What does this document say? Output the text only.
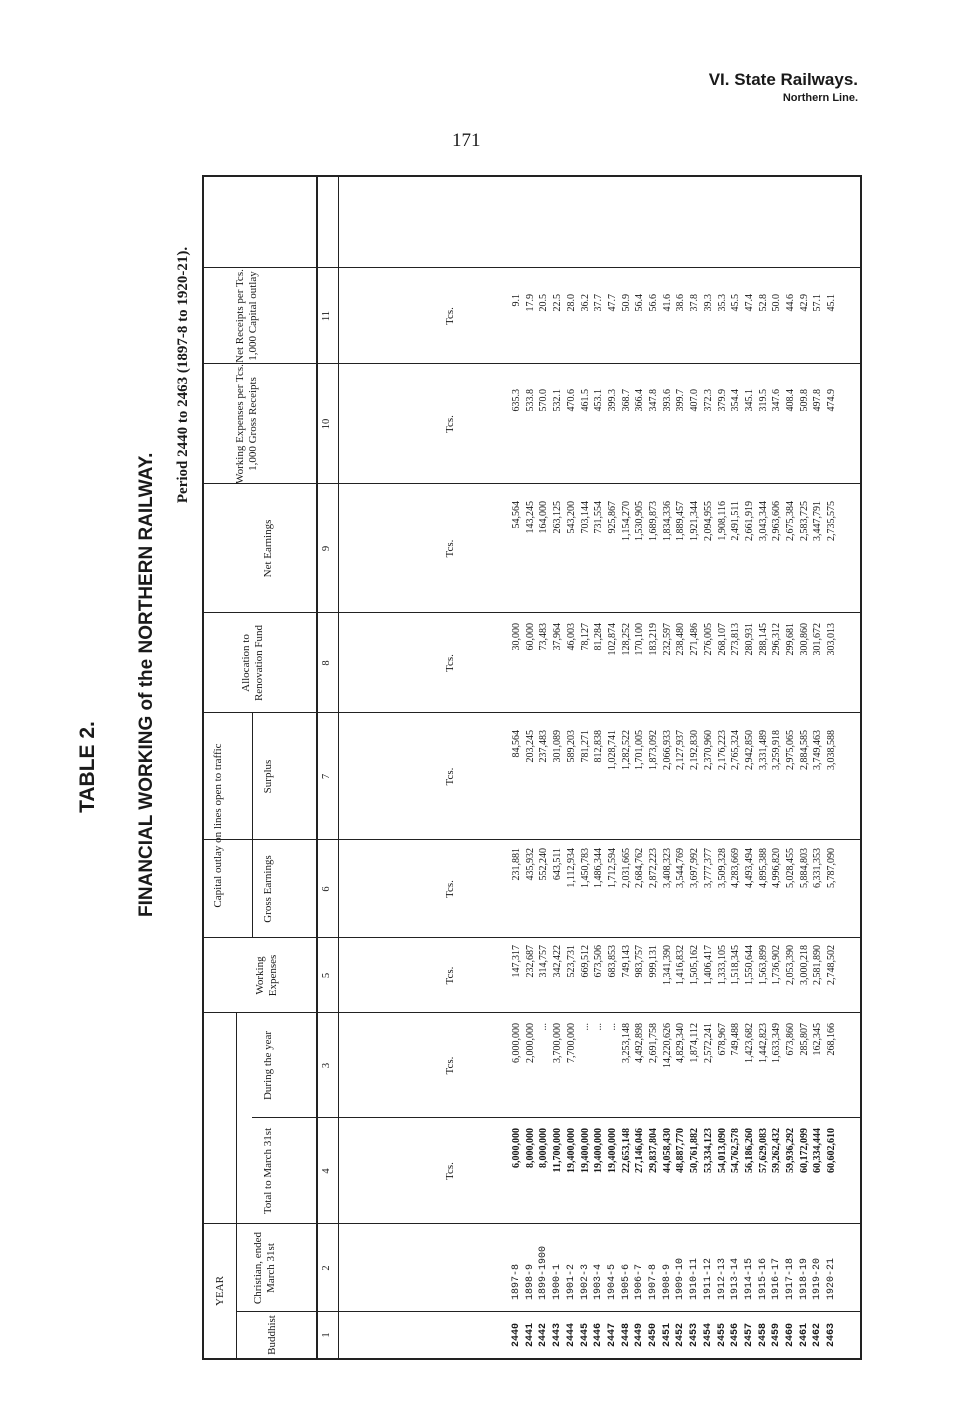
VI. State Railways.
Northern Line.
171
TABLE 2. FINANCIAL WORKING of the NORTHERN RAILWAY.
Period 2440 to 2463 (1897-8 to 1920-21).
YEAR
Capital outlay on lines open to traffic
Buddhist
Christian, ended March 31st
Total to March 31st
During the year
Working Expenses
Gross Earnings
Surplus
Allocation to Renovation Fund
Net Earnings
Working Expenses per Tcs. 1,000 Gross Receipts
Net Receipts per Tcs. 1,000 Capital outlay
1
2
4
3
5
6
7
8
9
10
11
Tcs.
Tcs.
Tcs.
Tcs.
Tcs.
Tcs.
Tcs.
Tcs.
Tcs.
2440 2441 2442 2443 2444 2445 2446 2447 2448 2449 2450 2451 2452 2453 2454 2455 2456 2457 2458 2459 2460 2461 2462 2463
1897-8 1898-9 1899-1900 1900-1 1901-2 1902-3 1903-4 1904-5 1905-6 1906-7 1907-8 1908-9 1909-10 1910-11 1911-12 1912-13 1913-14 1914-15 1915-16 1916-17 1917-18 1918-19 1919-20 1920-21
6,000,000 8,000,000 8,000,000 11,700,000 19,400,000 19,400,000 19,400,000 19,400,000 22,653,148 27,146,046 29,837,804 44,058,430 48,887,770 50,761,882 53,334,123 54,013,090 54,762,578 56,186,260 57,629,083 59,262,432 59,936,292 60,172,099 60,334,444 60,602,610
6,000,000 2,000,000 ... 3,700,000 7,700,000 ... ... ... 3,253,148 4,492,898 2,691,758 14,220,626 4,829,340 1,874,112 2,572,241 678,967 749,488 1,423,682 1,442,823 1,633,349 673,860 285,807 162,345 268,166
147,317 232,687 314,757 342,422 523,731 669,512 673,506 683,853 749,143 983,757 999,131 1,341,390 1,416,832 1,505,162 1,406,417 1,333,105 1,518,345 1,550,644 1,563,899 1,736,902 2,053,390 3,000,218 2,581,890 2,748,502
231,881 435,932 552,240 643,511 1,112,934 1,450,783 1,486,344 1,712,594 2,031,665 2,684,762 2,872,223 3,408,323 3,544,769 3,697,992 3,777,377 3,509,328 4,283,669 4,493,494 4,895,388 4,996,820 5,028,455 5,884,803 6,331,353 5,787,090
84,564 203,245 237,483 301,089 589,203 781,271 812,838 1,028,741 1,282,522 1,701,005 1,873,092 2,066,933 2,127,937 2,192,830 2,370,960 2,176,223 2,765,324 2,942,850 3,331,489 3,259,918 2,975,065 2,884,585 3,749,463 3,038,588
30,000 60,000 73,483 37,964 46,003 78,127 81,284 102,874 128,252 170,100 183,219 232,597 238,480 271,486 276,005 268,107 273,813 280,931 288,145 296,312 299,681 300,860 301,672 303,013
54,564 143,245 164,000 263,125 543,200 703,144 731,554 925,867 1,154,270 1,530,905 1,689,873 1,834,336 1,889,457 1,921,344 2,094,955 1,908,116 2,491,511 2,661,919 3,043,344 2,963,606 2,675,384 2,583,725 3,447,791 2,735,575
635.3 533.8 570.0 532.1 470.6 461.5 453.1 399.3 368.7 366.4 347.8 393.6 399.7 407.0 372.3 379.9 354.4 345.1 319.5 347.6 408.4 509.8 497.8 474.9
9.1 17.9 20.5 22.5 28.0 36.2 37.7 47.7 50.9 56.4 56.6 41.6 38.6 37.8 39.3 35.3 45.5 47.4 52.8 50.0 44.6 42.9 57.1 45.1
